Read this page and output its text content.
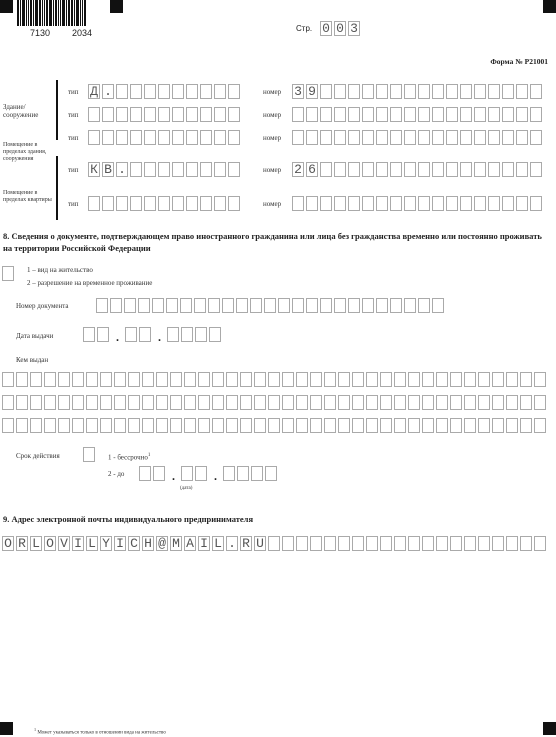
7130 2034	Стр. 0 0 3
Форма № Р21001
Здание/ сооружение
Помещение в пределах здания, сооружения
Помещение в пределах квартиры
тип Д .	номер 3 9
тип	номер
тип	номер
тип К В .	номер 2 6
тип	номер
8. Сведения о документе, подтверждающем право иностранного гражданина или лица без гражданства временно или постоянно проживать на территории Российской Федерации
1 – вид на жительство
2 – разрешение на временное проживание
Номер документа
Дата выдачи	.	.
Кем выдан
Срок действия	1 - бессрочно$^1$
2 - до	.	.
(дата)
9. Адрес электронной почты индивидуального предпринимателя
O R L O V I L Y I C H @ M A I L . R U
$^1$ Может указываться только в отношении вида на жительство
